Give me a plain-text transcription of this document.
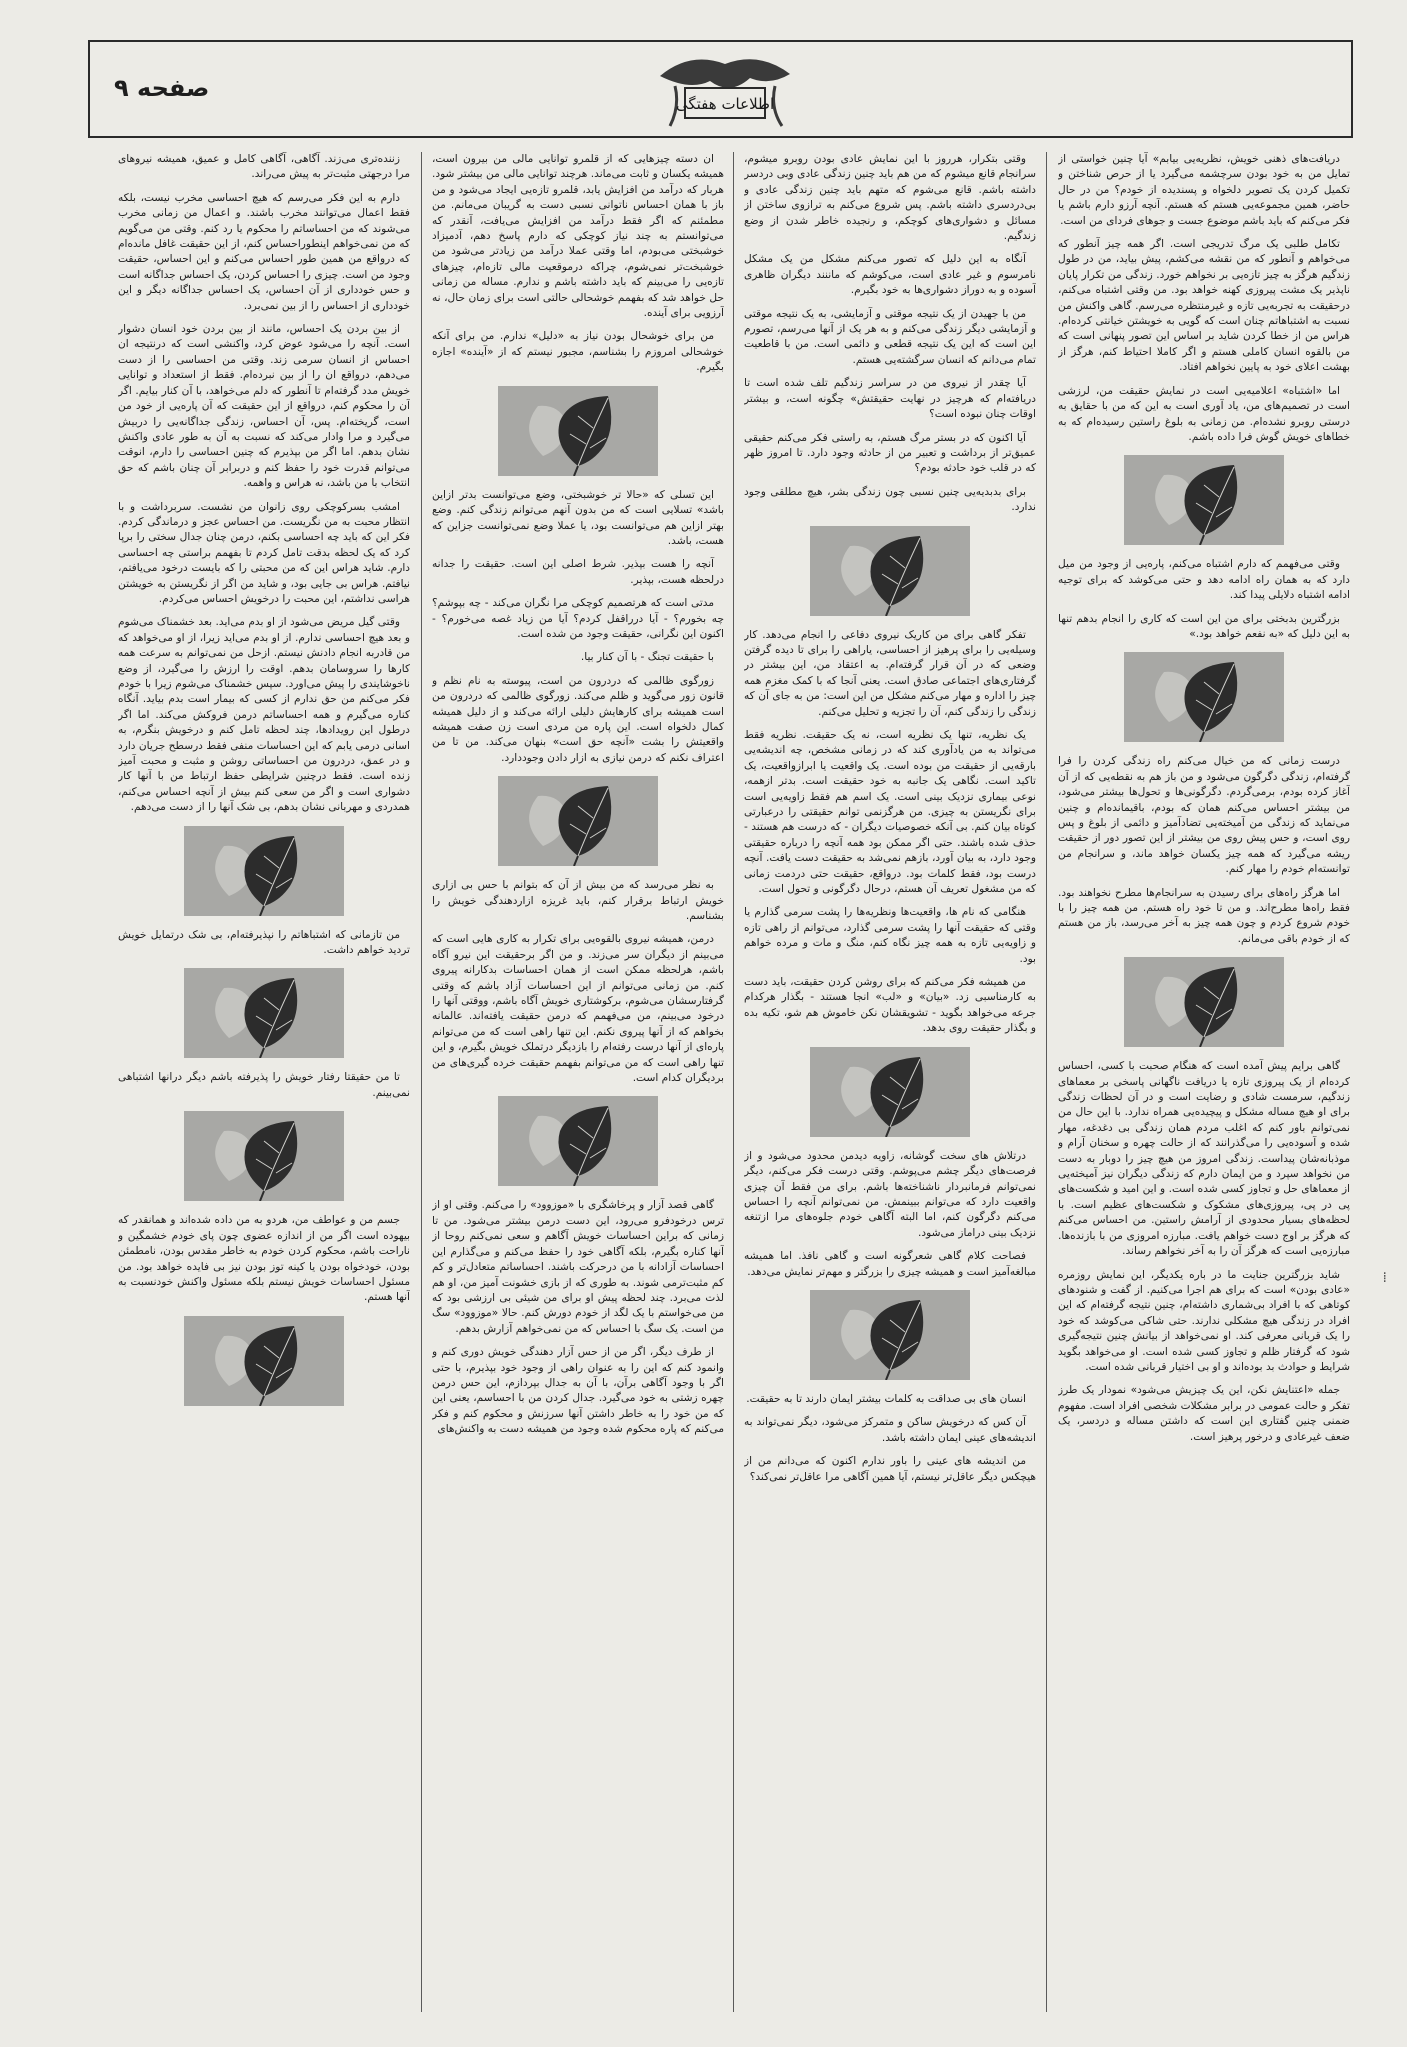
صفحه ۹
اطلاعات هفتگی

دریافت‌های ذهنی خویش، نظریه‌یی بیابم» آیا چنین خواستی از تمایل من به خود بودن سرچشمه می‌گیرد یا از حرص شناختن و تکمیل کردن یک تصویر دلخواه و پسندیده از خودم؟ من در حال حاضر، همین مجموعه‌یی هستم که هستم. آنچه آرزو دارم باشم یا فکر می‌کنم که باید باشم موضوع جست و جوهای فردای من است.

تکامل طلبی یک مرگ تدریجی است. اگر همه چیز آنطور که می‌خواهم و آنطور که من نقشه می‌کشم، پیش بیاید، من در طول زندگیم هرگز به چیز تازه‌یی بر نخواهم خورد. زندگی من تکرار پایان ناپذیر یک مشت پیروزی کهنه خواهد بود. من وقتی اشتباه می‌کنم، درحقیقت به تجربه‌یی تازه و غیرمنتظره می‌رسم. گاهی واکنش من نسبت به اشتباهاتم چنان است که گویی به خویشتن خیانتی کرده‌ام. هراس من از خطا کردن شاید بر اساس این تصور پنهانی است که من بالقوه انسان کاملی هستم و اگر کاملا احتیاط کنم، هرگز از بهشت اعلای خود به پایین نخواهم افتاد.

اما «اشتباه» اعلامیه‌یی است در نمایش حقیقت من، لرزشی است در تصمیم‌های من، یاد آوری است به این که من با حقایق به درستی روبرو نشده‌ام. من زمانی به بلوغ راستین رسیده‌ام که به خطاهای خویش گوش فرا داده باشم.

وقتی می‌فهمم که دارم اشتباه می‌کنم، پاره‌یی از وجود من میل دارد که به همان راه ادامه دهد و حتی می‌کوشد که برای توجیه ادامه اشتباه دلایلی پیدا کند.

بزرگترین بدبختی برای من این است که کاری را انجام بدهم تنها به این دلیل که «به نفعم خواهد بود.»

درست زمانی که من خیال می‌کنم راه زندگی کردن را فرا گرفته‌ام، زندگی دگرگون می‌شود و من باز هم به نقطه‌یی که از آن آغاز کرده بودم، برمی‌گردم. دگرگونی‌ها و تحول‌ها بیشتر می‌شود، من بیشتر احساس می‌کنم همان که بودم، باقیمانده‌ام و چنین می‌نماید که زندگی من آمیخته‌یی تضادآمیز و دائمی از بلوغ و پس روی است، و حس پیش روی من بیشتر از این تصور دور از حقیقت ریشه می‌گیرد که همه چیز یکسان خواهد ماند، و سرانجام من توانسته‌ام خودم را مهار کنم.

اما هرگز راه‌های برای رسیدن به سرانجام‌ها مطرح نخواهند بود. فقط راه‌ها مطرح‌اند. و من تا خود راه هستم. من همه چیز را با خودم شروع کردم و چون همه چیز به آخر می‌رسد، باز من هستم که از خودم باقی می‌مانم.

گاهی برایم پیش آمده است که هنگام صحبت با کسی، احساس کرده‌ام از یک پیروزی تازه یا دریافت ناگهانی پاسخی بر معماهای زندگیم، سرمست شادی و رضایت است و در آن لحظات زندگی برای او هیچ مساله مشکل و پیچیده‌یی همراه ندارد. با این حال من نمی‌توانم باور کنم که اغلب مردم همان زندگی بی دغدغه، مهار شده و آسوده‌یی را می‌گذرانند که از حالت چهره و سخنان آرام و موذبانه‌شان پیداست. زندگی امروز من هیچ چیز را دوبار به دست من نخواهد سپرد و من ایمان دارم که زندگی دیگران نیز آمیخته‌یی از معماهای حل و تجاوز کسی شده است. و این امید و شکست‌های پی در پی، پیروزی‌های مشکوک و شکست‌های عظیم است. با لحظه‌های بسیار محدودی از آرامش راستین. من احساس می‌کنم که هرگز بر اوج دست خواهم یافت. مبارزه امروزی من با بازنده‌ها. مبارزه‌یی است که هرگز آن را به آخر نخواهم رساند.

شاید بزرگترین جنایت ما در باره یکدیگر، این نمایش روزمره «عادی بودن» است که برای هم اجرا می‌کنیم. از گفت و شنودهای کوتاهی که با افراد بی‌شماری داشته‌ام، چنین نتیجه گرفته‌ام که این افراد در زندگی هیچ مشکلی ندارند. حتی شاکی می‌کوشد که خود را یک قربانی معرفی کند. او نمی‌خواهد از بیانش چنین نتیجه‌گیری شود که گرفتار ظلم و تجاوز کسی شده است. او می‌خواهد بگوید شرایط و حوادث بد بوده‌اند و او بی اختیار قربانی شده است.

جمله «اعتنایش نکن، این یک چیزیش می‌شود» نمودار یک طرز تفکر و حالت عمومی در برابر مشکلات شخصی افراد است. مفهوم ضمنی چنین گفتاری این است که داشتن مساله و دردسر، یک ضعف غیرعادی و درخور پرهیز است.

وقتی بتکرار، هرروز با این نمایش عادی بودن روبرو میشوم، سرانجام قانع میشوم که من هم باید چنین زندگی عادی وبی دردسر داشته باشم. قانع می‌شوم که متهم باید چنین زندگی عادی و بی‌دردسری داشته باشم. پس شروع می‌کنم به ترازوی ساختن از مسائل و دشواری‌های کوچکم، و رنجیده خاطر شدن از وضع زندگیم.

آنگاه به این دلیل که تصور می‌کنم مشکل من یک مشکل نامرسوم و غیر عادی است، می‌کوشم که ماننند دیگران ظاهری آسوده و به دوراز دشواری‌ها به خود بگیرم.

من با جهیدن از یک نتیجه موقتی و آزمایشی، به یک نتیجه موقتی و آزمایشی دیگر زندگی می‌کنم و به هر یک از آنها می‌رسم، تصورم این است که این یک نتیجه قطعی و دائمی است. من با قاطعیت تمام می‌دانم که انسان سرگشته‌یی هستم.

آیا چقدر از نیروی من در سراسر زندگیم تلف شده است تا دریافته‌ام که هرچیز در نهایت حقیقتش» چگونه است، و بیشتر اوقات چنان نبوده است؟

آیا اکنون که در بستر مرگ هستم، به راستی فکر می‌کنم حقیقی عمیق‌تر از برداشت و تعبیر من از حادثه وجود دارد. تا امروز ظهر که در قلب خود حادثه بودم؟

برای بدبدیه‌یی چنین نسبی چون زندگی بشر، هیچ مطلقی وجود ندارد.

تفکر گاهی برای من کاریک نیروی دفاعی را انجام می‌دهد. کار وسیله‌یی را برای پرهیز از احساسی، یاراهی را برای تا دیده گرفتن وضعی که در آن قرار گرفته‌ام. به اعتقاد من، این بیشتر در گرفتاری‌های اجتماعی صادق است. یعنی آنجا که با کمک مغزم همه چیز را اداره و مهار می‌کنم مشکل من این است: من به جای آن که زندگی را زندگی کنم، آن را تجزیه و تحلیل می‌کنم.

یک نظریه، تنها یک نظریه است، نه یک حقیقت. نظریه فقط می‌تواند به من یادآوری کند که در زمانی مشخص، چه اندیشه‌یی بارقه‌یی از حقیقت من بوده است. یک واقعیت یا ابرازواقعیت، یک تاکید است. نگاهی یک جانبه به خود حقیقت است. بدتر ازهمه، نوعی بیماری نزدیک بینی است. یک اسم هم فقط زاویه‌یی است برای نگریستن به چیزی. من هرگزنمی توانم حقیقتی را درعبارتی کوتاه بیان کنم. بی آنکه خصوصیات دیگران - که درست هم هستند - حذف شده باشند. حتی اگر ممکن بود همه آنچه را درباره حقیقتی وجود دارد، به بیان آورد، بازهم نمی‌شد به حقیقت دست یافت. آنچه درست بود، فقط کلمات بود. درواقع، حقیقت حتی دردمت زمانی که من مشغول تعریف آن هستم، درحال دگرگونی و تحول است.

هنگامی که نام ها، واقعیت‌ها ونظریه‌ها را پشت سرمی گذارم یا وقتی که حقیقت آنها را پشت سرمی گذارد، می‌توانم از راهی تازه و زاویه‌یی تازه به همه چیز نگاه کنم، منگ و مات و مرده خواهم بود.

من همیشه فکر می‌کنم که برای روشن کردن حقیقت، باید دست به کارمناسبی زد. «بیان» و «لب» انجا هستند - بگذار هرکدام جرعه می‌خواهد بگوید - تشویقشان نکن خاموش هم شو، تکیه بده و بگذار حقیقت روی بدهد.

درتلاش های سخت گوشانه، زاویه دیدمن محدود می‌شود و از فرصت‌های دیگر چشم می‌پوشم. وقتی درست فکر می‌کنم، دیگر نمی‌توانم فرمانبردار ناشناخته‌ها باشم. برای من فقط آن چیزی واقعیت دارد که می‌توانم ببینمش. من نمی‌توانم آنچه را احساس می‌کنم دگرگون کنم، اما البته آگاهی خودم جلوه‌های مرا ازتنغه نزدیک بینی دراماز می‌شود.

فصاحت کلام گاهی شعرگونه است و گاهی نافذ. اما همیشه مبالغه‌آمیز است و همیشه چیزی را بزرگتر و مهم‌تر نمایش می‌دهد.

انسان های بی صداقت به کلمات بیشتر ایمان دارند تا به حقیقت.

آن کس که درخویش ساکن و متمرکز می‌شود، دیگر نمی‌تواند به اندیشه‌های عینی ایمان داشته باشد.

من اندیشه های عینی را باور ندارم اکنون که می‌دانم من از هیچکس دیگر عاقل‌تر نیستم، آیا همین آگاهی مرا عاقل‌تر نمی‌کند؟

ان دسته چیزهایی که از قلمرو توانایی مالی من بیرون است، همیشه یکسان و ثابت می‌ماند. هرچند توانایی مالی من بیشتر شود. هربار که درآمد من افزایش یابد، قلمرو تازه‌یی ایجاد می‌شود و من باز با همان احساس ناتوانی نسبی دست به گریبان می‌مانم. من مطمئنم که اگر فقط درآمد من افزایش می‌یافت، آنقدر که می‌توانستم به چند نیاز کوچکی که دارم پاسخ دهم، آدمیزاد خوشبختی می‌بودم، اما وقتی عملا درآمد من زیادتر می‌شود من خوشبخت‌تر نمی‌شوم، چراکه درموقعیت مالی تازه‌ام، چیزهای تازه‌یی را می‌بینم که باید داشته باشم و ندارم. مساله من زمانی حل خواهد شد که بفهمم خوشحالی حالتی است برای زمان حال، نه آرزویی برای آینده.

من برای خوشحال بودن نیاز به «دلیل» ندارم. من برای آنکه خوشحالی امروزم را بشناسم، مجبور نیستم که از «آینده» اجازه بگیرم.

این تسلی که «حالا تر خوشبختی، وضع می‌توانست بدتر ازاین باشد» تسلایی است که من بدون آنهم می‌توانم زندگی کنم. وضع بهتر ازاین هم می‌توانست بود، یا عملا وضع نمی‌توانست جزاین که هست، باشد.

آنچه را هست بپذیر. شرط اصلی این است. حقیقت را جدانه درلحظه هست، بپذیر.

مدتی است که هرتصمیم کوچکی مرا نگران می‌کند - چه بپوشم؟ چه بخورم؟ - آیا درراقفل کردم؟ آیا من زیاد غصه می‌خورم؟ - اکنون این نگرانی، حقیقت وجود من شده است.

با حقیقت تجنگ - با آن کنار بیا.

زورگوی ظالمی که دردرون من است، پیوسته به نام نظم و قانون زور می‌گوید و ظلم می‌کند. زورگوی ظالمی که دردرون من است همیشه برای کارهایش دلیلی ارائه می‌کند و از دلیل همیشه کمال دلخواه است. این پاره من مردی است زن صفت همیشه واقعیتش را بشت «آنچه حق است» بنهان می‌کند. من تا من اعتراف نکنم که درمن نیازی به ازار دادن وجوددارد.

به نظر می‌رسد که من بیش از آن که بتوانم با حس بی ازاری خویش ارتباط برقرار کنم، باید غریزه ازاردهندگی خویش را بشناسم.

درمن، همیشه نیروی بالقوه‌یی برای تکرار به کاری هایی است که می‌بینم از دیگران سر می‌زند. و من اگر برحقیقت این نیرو آگاه باشم، هرلحظه ممکن است از همان احساسات بدکارانه پیروی کنم. من زمانی می‌توانم از این احساسات آزاد باشم که وقتی گرفتارسشان می‌شوم، برکوشتاری خویش آگاه باشم، ووقتی آنها را درخود می‌بینم، من می‌فهمم که درمن حقیقت یافته‌اند. عالمانه بخواهم که از آنها پیروی نکنم. این تنها راهی است که من می‌توانم پاره‌ای از آنها درست رفته‌ام را بازدیگر درتملک خویش بگیرم، و این تنها راهی است که من می‌توانم بفهمم حقیقت خرده گیری‌های من بردیگران کدام است.

گاهی قصد آزار و پرخاشگری با «موزوود» را می‌کنم. وقتی او از ترس درخودفرو می‌رود، این دست درمن بیشتر می‌شود. من تا زمانی که براین احساسات خویش آگاهم و سعی نمی‌کنم روحا از آنها کناره بگیرم، بلکه آگاهی خود را حفظ می‌کنم و می‌گذارم این احساسات آزادانه با من درحرکت باشند. احساساتم متعادل‌تر و کم کم مثبت‌ترمی شوند. به طوری که از بازی خشونت آمیز من، او هم لذت می‌برد. چند لحظه پیش او برای من شیئی بی ارزشی بود که من می‌خواستم با یک لگد از خودم دورش کنم. حالا «موزوود» سگ من است. یک سگ با احساس که من نمی‌خواهم آزارش بدهم.

از طرف دیگر، اگر من از حس آزار دهندگی خویش دوری کنم و وانمود کنم که این را به عنوان راهی از وجود خود بپذیرم، با حتی اگر با وجود آگاهی برآن، با آن به جدال بپردازم، این حس درمن چهره زشتی به خود می‌گیرد. جدال کردن من با احساسم، یعنی این که من خود را به خاطر داشتن آنها سرزنش و محکوم کنم و فکر می‌کنم که پاره محکوم شده وجود من همیشه دست به واکنش‌های

زننده‌تری می‌زند. آگاهی، آگاهی کامل و عمیق، همیشه نیروهای مرا درجهتی مثبت‌تر به پیش می‌راند.

دارم به این فکر می‌رسم که هیچ احساسی مخرب نیست، بلکه فقط اعمال می‌توانند مخرب باشند. و اعمال من زمانی مخرب می‌شوند که من احساساتم را محکوم یا رد کنم. وقتی من می‌گویم که من نمی‌خواهم اینطوراحساس کنم، از این حقیقت غافل مانده‌ام که درواقع من همین طور احساس می‌کنم و این احساس، حقیقت وجود من است. چیزی را احساس کردن، یک احساس جداگانه است و حس خودداری از آن احساس، یک احساس جداگانه دیگر و این خودداری از احساس را از بین نمی‌برد.

از بین بردن یک احساس، مانند از بین بردن خود انسان دشوار است. آنچه را می‌شود عوض کرد، واکنشی است که درنتیجه ان احساس از انسان سرمی زند. وقتی من احساسی را از دست می‌دهم، درواقع ان را از بین نبرده‌ام. فقط از استعداد و توانایی خویش مدد گرفته‌ام تا آنطور که دلم می‌خواهد، با آن کنار بیایم. اگر آن را محکوم کنم، درواقع از این حقیقت که آن پاره‌یی از خود من است، گریخته‌ام. پس، آن احساس، زندگی جداگانه‌یی را دربیش می‌گیرد و مرا وادار می‌کند که نسبت به آن به طور عادی واکنش نشان بدهم. اما اگر من بپذیرم که چنین احساسی را دارم، انوقت می‌توانم قدرت خود را حفظ کنم و دربرابر آن چنان باشم که حق انتخاب با من باشد، نه هراس و واهمه.

امشب بسرکوچکی روی زانوان من نشست. سربرداشت و با انتظار محبت به من نگریست. من احساس عجز و درماندگی کردم. فکر این که باید چه احساسی بکنم، درمن چنان جدال سختی را برپا کرد که یک لحظه بدقت تامل کردم تا بفهمم براستی چه احساسی دارم. شاید هراس این که من محبتی را که بایست درخود می‌یافتم، نیافتم. هراس بی جایی بود، و شاید من اگر از نگریستن به خویشتن هراسی نداشتم، این محبت را درخویش احساس می‌کردم.

وقتی گیل مریض می‌شود از او بدم می‌اید. بعد خشمناک می‌شوم و بعد هیچ احساسی ندارم. از او بدم می‌اید زیرا، از او می‌خواهد که من قادربه انجام دادنش نیستم. ازحل من نمی‌توانم به سرعت همه کارها را سروسامان بدهم. اوقت را ارزش را می‌گیرد، از وضع ناخوشایندی را پیش می‌اورد. سپس خشمناک می‌شوم زیرا با خودم فکر می‌کنم من حق ندارم از کسی که بیمار است بدم بیاید. آنگاه کناره می‌گیرم و همه احساساتم درمن فروکش می‌کند. اما اگر درطول این رویدادها، چند لحظه تامل کنم و درخویش بنگرم، به اسانی درمی یابم که این احساسات منفی فقط درسطح جریان دارد و در عمق، دردرون من احساساتی روشن و مثبت و محبت آمیز زنده است. فقط درچنین شرایطی حفظ ارتباط من با آنها کار دشواری است و اگر من سعی کنم بیش از آنچه احساس می‌کنم، همدردی و مهربانی نشان بدهم، بی شک آنها را از دست می‌دهم.

من تازمانی که اشتباهاتم را نپذیرفته‌ام، بی شک درتمایل خویش تردید خواهم داشت.

تا من حقیقتا رفتار خویش را پذیرفته باشم دیگر درانها اشتباهی نمی‌بینم.

جسم من و عواطف من، هردو به من داده شده‌اند و همانقدر که بیهوده است اگر من از اندازه عضوی چون پای خودم خشمگین و ناراحت باشم، محکوم کردن خودم به خاطر مقدس بودن، نامطمئن بودن، خودخواه بودن یا کینه توز بودن نیز بی فایده خواهد بود. من مسئول احساسات خویش نیستم بلکه مسئول واکنش خودنسبت به آنها هستم.

⁞
